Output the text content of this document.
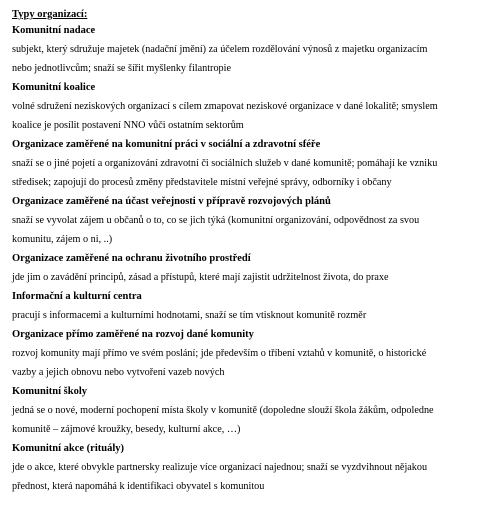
Typy organizací:

Komunitní nadace

subjekt, který sdružuje majetek (nadační jmění) za účelem rozdělování výnosů z majetku organizacím
nebo jednotlivcům; snaží se šířit myšlenky filantropie

Komunitní koalice

volné sdružení neziskových organizací s cílem zmapovat neziskové organizace v dané lokalitě; smyslem
koalice je posílit postavení NNO vůči ostatním sektorům

Organizace zaměřené na komunitní práci v sociální a zdravotní sféře

snaží se o jiné pojetí a organizování zdravotní či sociálních služeb v dané komunitě; pomáhají ke vzniku
středisek; zapojují do procesů změny představitele místní veřejné správy, odborníky i občany

Organizace zaměřené na účast veřejnosti v přípravě rozvojových plánů

snaží se vyvolat zájem u občanů o to, co se jich týká (komunitní organizování, odpovědnost za svou
komunitu, zájem o ni, ..)

Organizace zaměřené na ochranu životního prostředí

jde jim o zavádění principů, zásad a přístupů, které mají zajistit udržitelnost života, do praxe

Informační a kulturní centra

pracují s informacemi a kulturními hodnotami, snaží se tím vtisknout komunitě rozměr

Organizace přímo zaměřené na rozvoj dané komunity

rozvoj komunity mají přímo ve svém poslání; jde především o tříbení vztahů v komunitě, o historické
vazby a jejich obnovu nebo vytvoření vazeb nových

Komunitní školy

jedná se o nové, moderní pochopení místa školy v komunitě (dopoledne slouží škola žákům, odpoledne
komunitě – zájmové kroužky, besedy, kulturní akce, …)

Komunitní akce (rituály)

jde o akce, které obvykle partnersky realizuje více organizací najednou; snaží se vyzdvihnout nějakou
přednost, která napomáhá k identifikaci obyvatel s komunitou
